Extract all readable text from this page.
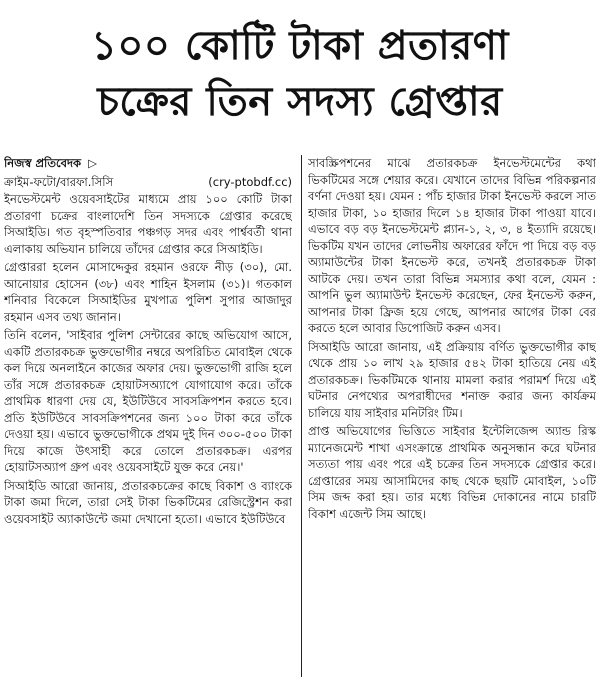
১০০ কোটি টাকা প্রতারণা
চক্রের তিন সদস্য গ্রেপ্তার
নিজস্ব প্রতিবেদক ▷
ক্রাইম-ফটো/বারফা.সিসি	(cry-ptobdf.cc)

ইনভেস্টমেন্ট ওয়েবসাইটের মাধ্যমে প্রায় ১০০ কোটি টাকা প্রতারণা চক্রের বাংলাদেশি তিন সদস্যকে গ্রেপ্তার করেছে সিআইডি। গত বৃহস্পতিবার পঞ্চগড় সদর এবং পার্শ্ববর্তী থানা এলাকায় অভিযান চালিয়ে তাঁদের গ্রেপ্তার করে সিআইডি।

গ্রেপ্তাররা হলেন মোসাদ্দেকুর রহমান ওরফে নীড় (৩০), মো. আনোয়ার হোসেন (৩৮) এবং শাহিন ইসলাম (৩১)। গতকাল শনিবার বিকেলে সিআইডির মুখপাত্র পুলিশ সুপার আজাদুর রহমান এসব তথ্য জানান।

তিনি বলেন, 'সাইবার পুলিশ সেন্টারের কাছে অভিযোগ আসে, একটি প্রতারকচক্র ভুক্তভোগীর নম্বরে অপরিচিত মোবাইল থেকে কল দিয়ে অনলাইনে কাজের অফার দেয়। ভুক্তভোগী রাজি হলে তাঁর সঙ্গে প্রতারকচক্র হোয়াটসঅ্যাপে যোগাযোগ করে। তাঁকে প্রাথমিক ধারণা দেয় যে, ইউটিউবে সাবসক্রিপশন করতে হবে। প্রতি ইউটিউবে সাবসক্রিপশনের জন্য ১০০ টাকা করে তাঁকে দেওয়া হয়। এভাবে ভুক্তভোগীকে প্রথম দুই দিন ৩০০-৫০০ টাকা দিয়ে কাজে উৎসাহী করে তোলে প্রতারকচক্র। এরপর হোয়াটসঅ্যাপ গ্রুপ এবং ওয়েবসাইটে যুক্ত করে নেয়।'

সিআইডি আরো জানায়, প্রতারকচক্রের কাছে বিকাশ ও ব্যাংকে টাকা জমা দিলে, তারা সেই টাকা ভিকটিমের রেজিস্ট্রেশন করা ওয়েবসাইট অ্যাকাউন্টে জমা দেখানো হতো। এভাবে ইউটিউবে

সাবস্ক্রিপশনের মাঝে প্রতারকচক্র ইনভেস্টমেন্টের কথা ভিকটিমের সঙ্গে শেয়ার করে। যেখানে তাদের বিভিন্ন পরিকল্পনার বর্ণনা দেওয়া হয়। যেমন : পাঁচ হাজার টাকা ইনভেস্ট করলে সাত হাজার টাকা, ১০ হাজার দিলে ১৪ হাজার টাকা পাওয়া যাবে। এভাবে বড় বড় ইনভেস্টমেন্ট প্ল্যান-১, ২, ৩, ৪ ইত্যাদি রয়েছে। ভিকটিম যখন তাদের লোভনীয় অফারের ফাঁদে পা দিয়ে বড় বড় অ্যামাউন্টের টাকা ইনভেস্ট করে, তখনই প্রতারকচক্র টাকা আটকে দেয়। তখন তারা বিভিন্ন সমস্যার কথা বলে, যেমন : আপনি ভুল অ্যামাউন্ট ইনভেস্ট করেছেন, ফের ইনভেস্ট করুন, আপনার টাকা ফ্রিজ হয়ে গেছে, আপনার আগের টাকা বের করতে হলে আবার ডিপোজিট করুন এসব।

সিআইডি আরো জানায়, এই প্রক্রিয়ায় বর্ণিত ভুক্তভোগীর কাছ থেকে প্রায় ১০ লাখ ২৯ হাজার ৫৪২ টাকা হাতিয়ে নেয় এই প্রতারকচক্র। ভিকটিমকে থানায় মামলা করার পরামর্শ দিয়ে এই ঘটনার নেপথ্যের অপরাধীদের শনাক্ত করার জন্য কার্যক্রম চালিয়ে যায় সাইবার মনিটরিং টিম।

প্রাপ্ত অভিযোগের ভিত্তিতে সাইবার ইন্টেলিজেন্স অ্যান্ড রিস্ক ম্যানেজমেন্ট শাখা এসংক্রান্তে প্রাথমিক অনুসন্ধান করে ঘটনার সত্যতা পায় এবং পরে এই চক্রের তিন সদস্যকে গ্রেপ্তার করে। গ্রেপ্তারের সময় আসামিদের কাছ থেকে ছয়টি মোবাইল, ১০টি সিম জব্দ করা হয়। তার মধ্যে বিভিন্ন দোকানের নামে চারটি বিকাশ এজেন্ট সিম আছে।
